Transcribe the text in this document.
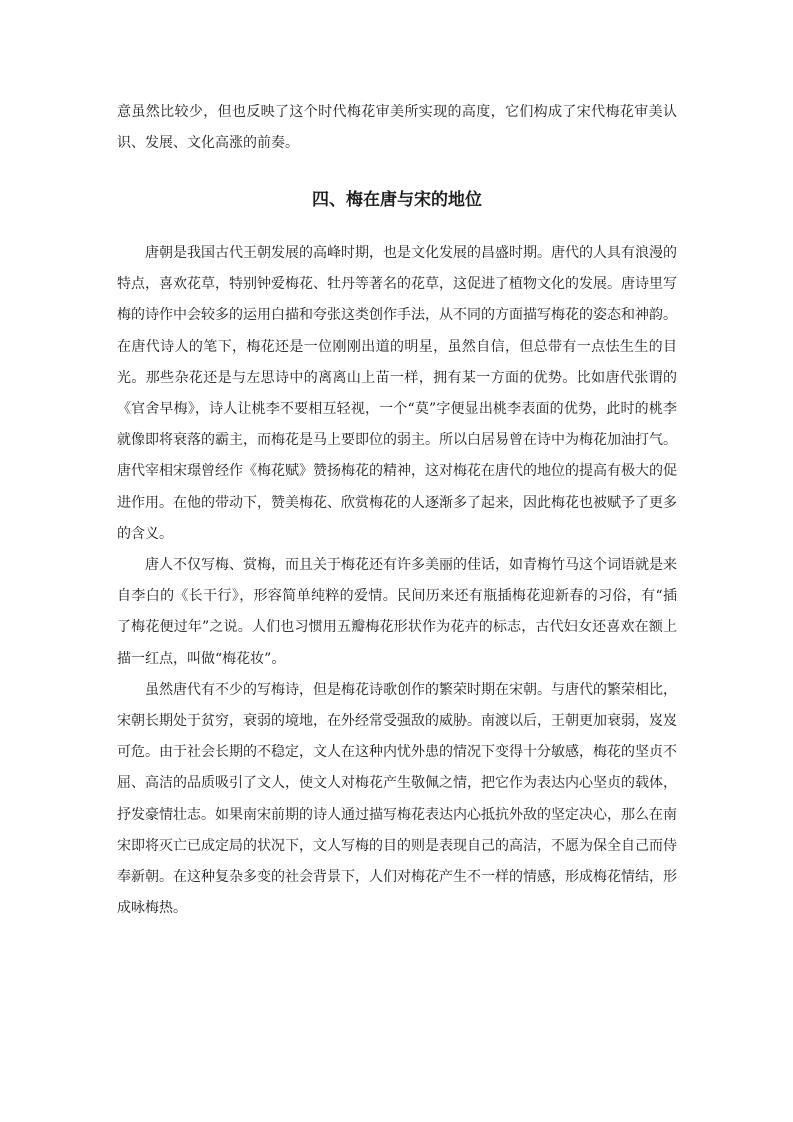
意虽然比较少，但也反映了这个时代梅花审美所实现的高度，它们构成了宋代梅花审美认识、发展、文化高涨的前奏。

四、梅在唐与宋的地位

唐朝是我国古代王朝发展的高峰时期，也是文化发展的昌盛时期。唐代的人具有浪漫的特点，喜欢花草，特别钟爱梅花、牡丹等著名的花草，这促进了植物文化的发展。唐诗里写梅的诗作中会较多的运用白描和夸张这类创作手法，从不同的方面描写梅花的姿态和神韵。在唐代诗人的笔下，梅花还是一位刚刚出道的明星，虽然自信，但总带有一点怯生生的目光。那些杂花还是与左思诗中的离离山上苗一样，拥有某一方面的优势。比如唐代张谓的《官舍早梅》，诗人让桃李不要相互轻视，一个“莫”字便显出桃李表面的优势，此时的桃李就像即将衰落的霸主，而梅花是马上要即位的弱主。所以白居易曾在诗中为梅花加油打气。唐代宰相宋璟曾经作《梅花赋》赞扬梅花的精神，这对梅花在唐代的地位的提高有极大的促进作用。在他的带动下，赞美梅花、欣赏梅花的人逐渐多了起来，因此梅花也被赋予了更多的含义。

唐人不仅写梅、赏梅，而且关于梅花还有许多美丽的佳话，如青梅竹马这个词语就是来自李白的《长干行》，形容简单纯粹的爱情。民间历来还有瓶插梅花迎新春的习俗，有“插了梅花便过年”之说。人们也习惯用五瓣梅花形状作为花卉的标志，古代妇女还喜欢在额上描一红点，叫做“梅花妆”。

虽然唐代有不少的写梅诗，但是梅花诗歌创作的繁荣时期在宋朝。与唐代的繁荣相比，宋朝长期处于贫穷，衰弱的境地，在外经常受强敌的威胁。南渡以后，王朝更加衰弱，岌岌可危。由于社会长期的不稳定，文人在这种内忧外患的情况下变得十分敏感，梅花的坚贞不屈、高洁的品质吸引了文人，使文人对梅花产生敬佩之情，把它作为表达内心坚贞的载体，抒发豪情壮志。如果南宋前期的诗人通过描写梅花表达内心抵抗外敌的坚定决心，那么在南宋即将灭亡已成定局的状况下，文人写梅的目的则是表现自己的高洁，不愿为保全自己而侍奉新朝。在这种复杂多变的社会背景下，人们对梅花产生不一样的情感，形成梅花情结，形成咏梅热。
